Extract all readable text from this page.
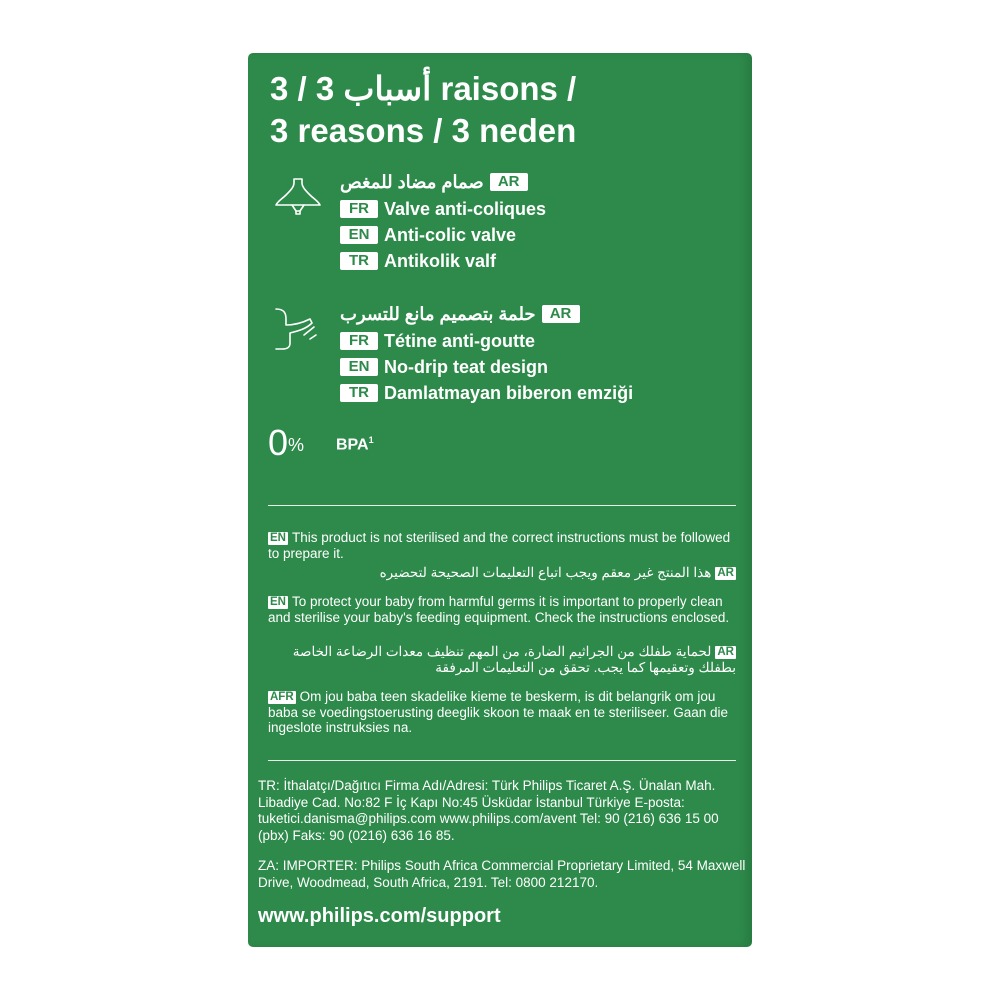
أسباب 3 / 3 raisons /
3 reasons / 3 neden
AR
صمام مضاد للمغص
FR Valve anti-coliques
EN Anti-colic valve
TR Antikolik valf
AR
حلمة بتصميم مانع للتسرب
FR Tétine anti-goutte
EN No-drip teat design
TR Damlatmayan biberon emziği
0% BPA$^1$
EN This product is not sterilised and the correct instructions must be followed to prepare it.
ARهذا المنتج غير معقم ويجب اتباع التعليمات الصحيحة لتحضيره
EN To protect your baby from harmful germs it is important to properly clean and sterilise your baby's feeding equipment. Check the instructions enclosed.
ARلحماية طفلك من الجراثيم الضارة، من المهم تنظيف معدات الرضاعة الخاصة بطفلك وتعقيمها كما يجب. تحقق من التعليمات المرفقة
AFR Om jou baba teen skadelike kieme te beskerm, is dit belangrik om jou baba se voedingstoerusting deeglik skoon te maak en te steriliseer. Gaan die ingeslote instruksies na.
TR: İthalatçı/Dağıtıcı Firma Adı/Adresi: Türk Philips Ticaret A.Ş. Ünalan Mah. Libadiye Cad. No:82 F İç Kapı No:45 Üsküdar İstanbul Türkiye E-posta: tuketici.danisma@philips.com www.philips.com/avent Tel: 90 (216) 636 15 00 (pbx) Faks: 90 (0216) 636 16 85.
ZA: IMPORTER: Philips South Africa Commercial Proprietary Limited, 54 Maxwell Drive, Woodmead, South Africa, 2191. Tel: 0800 212170.
www.philips.com/support
